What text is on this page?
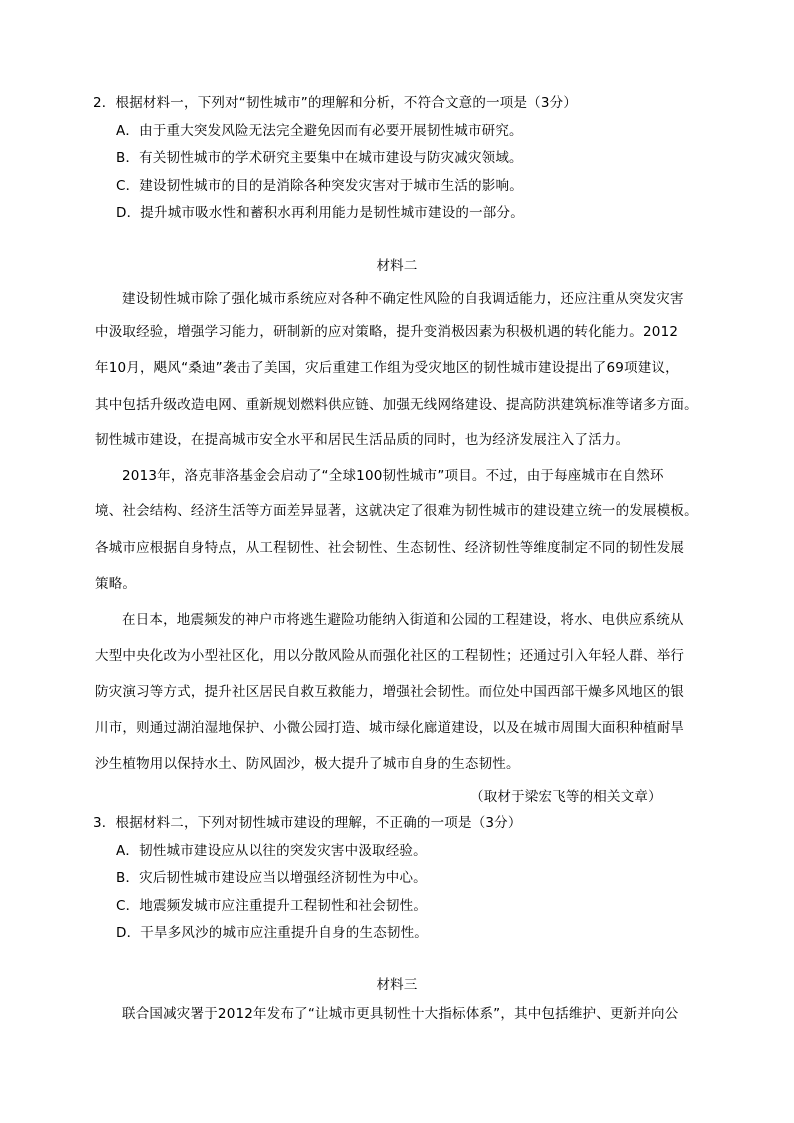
2．根据材料一，下列对“韧性城市”的理解和分析，不符合文意的一项是（3分）
A．由于重大突发风险无法完全避免因而有必要开展韧性城市研究。
B．有关韧性城市的学术研究主要集中在城市建设与防灾减灾领域。
C．建设韧性城市的目的是消除各种突发灾害对于城市生活的影响。
D．提升城市吸水性和蓄积水再利用能力是韧性城市建设的一部分。
材料二
建设韧性城市除了强化城市系统应对各种不确定性风险的自我调适能力，还应注重从突发灾害
中汲取经验，增强学习能力，研制新的应对策略，提升变消极因素为积极机遇的转化能力。2012
年10月，飓风“桑迪”袭击了美国，灾后重建工作组为受灾地区的韧性城市建设提出了69项建议，
其中包括升级改造电网、重新规划燃料供应链、加强无线网络建设、提高防洪建筑标准等诸多方面。
韧性城市建设，在提高城市安全水平和居民生活品质的同时，也为经济发展注入了活力。
2013年，洛克菲洛基金会启动了“全球100韧性城市”项目。不过，由于每座城市在自然环
境、社会结构、经济生活等方面差异显著，这就决定了很难为韧性城市的建设建立统一的发展模板。
各城市应根据自身特点，从工程韧性、社会韧性、生态韧性、经济韧性等维度制定不同的韧性发展
策略。
在日本，地震频发的神户市将逃生避险功能纳入街道和公园的工程建设，将水、电供应系统从
大型中央化改为小型社区化，用以分散风险从而强化社区的工程韧性；还通过引入年轻人群、举行
防灾演习等方式，提升社区居民自救互救能力，增强社会韧性。而位处中国西部干燥多风地区的银
川市，则通过湖泊湿地保护、小微公园打造、城市绿化廊道建设，以及在城市周围大面积种植耐旱
沙生植物用以保持水土、防风固沙，极大提升了城市自身的生态韧性。
（取材于梁宏飞等的相关文章）
3．根据材料二，下列对韧性城市建设的理解，不正确的一项是（3分）
A．韧性城市建设应从以往的突发灾害中汲取经验。
B．灾后韧性城市建设应当以增强经济韧性为中心。
C．地震频发城市应注重提升工程韧性和社会韧性。
D．干旱多风沙的城市应注重提升自身的生态韧性。
材料三
联合国减灾署于2012年发布了“让城市更具韧性十大指标体系”，其中包括维护、更新并向公
